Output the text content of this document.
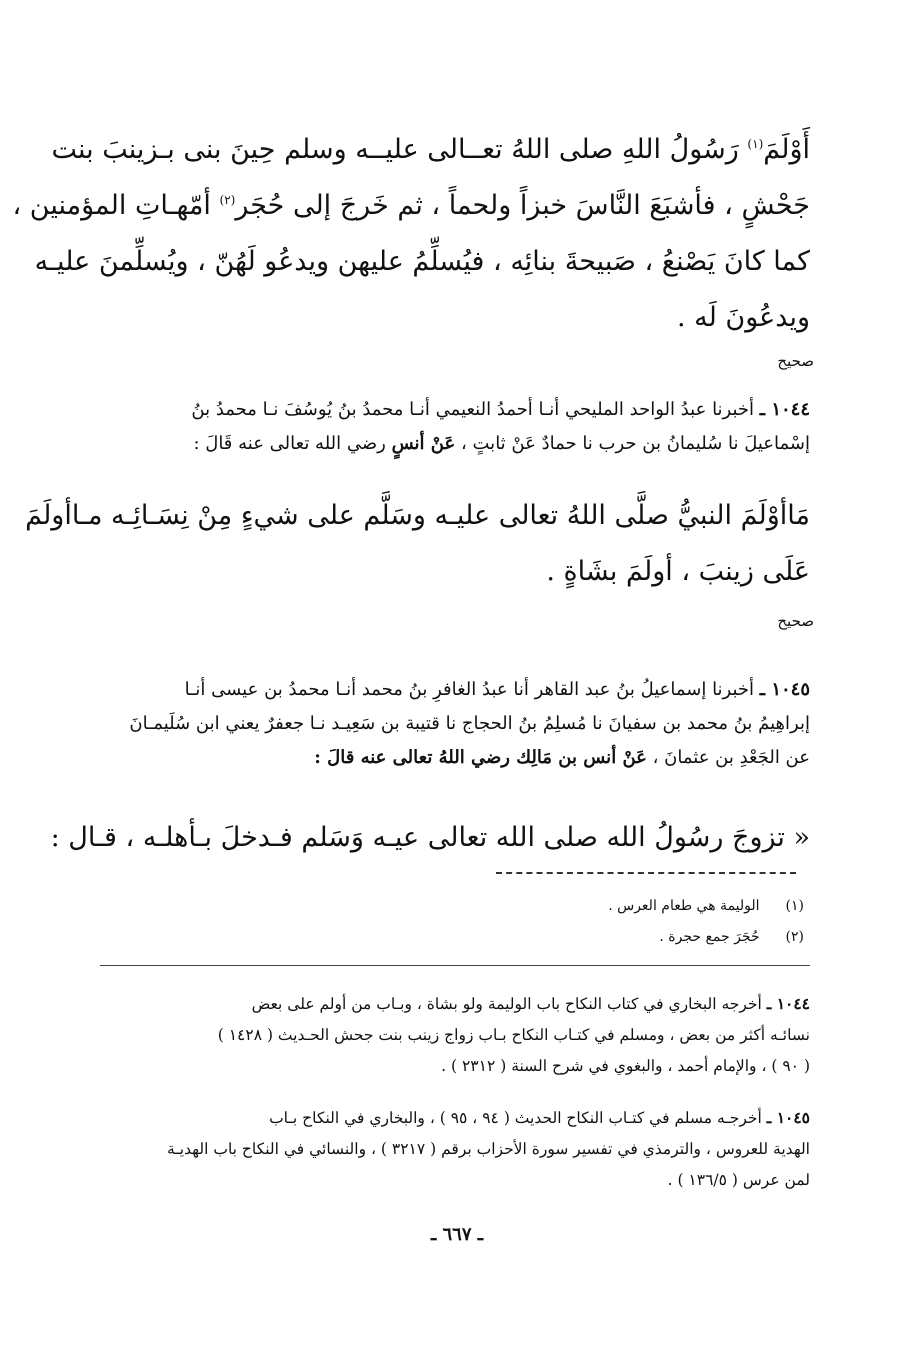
أَوْلَمَ$^{(١)}$ رَسُولُ اللهِ صلى اللهُ تعــالى عليــه وسلم حِينَ بنى بـزينبَ بنت
جَحْشٍ ، فأشبَعَ النَّاسَ خبزاً ولحماً ، ثم خَرجَ إلى حُجَر$^{(٢)}$ أمّهـاتِ المؤمنين ،
كما كانَ يَصْنعُ ، صَبيحةَ بنائِه ، فيُسلِّمُ عليهن ويدعُو لَهُنّ ، ويُسلِّمنَ عليـه
ويدعُونَ لَه .
صحيح
١٠٤٤ ـ أخبرنا عبدُ الواحد المليحي أنـا أحمدُ النعيمي أنـا محمدُ بنُ يُوسُفَ نـا محمدُ بنُ
إسْماعيلَ نا سُليمانُ بن حرب نا حمادٌ عَنْ ثابتٍ ، عَنْ أنسٍ رضي الله تعالى عنه قَالَ :
مَاأوْلَمَ النبيُّ صلَّى اللهُ تعالى عليـه وسَلَّم على شيءٍ مِنْ نِسَـائِـه مـاأولَمَ
عَلَى زينبَ ، أولَمَ بشَاةٍ .
صحيح
١٠٤٥ ـ أخبرنا إسماعيلُ بنُ عبد القاهر أنا عبدُ الغافرِ بنُ محمد أنـا محمدُ بن عيسى أنـا
إبراهِيمُ بنُ محمد بن سفيانَ نا مُسلِمُ بنُ الحجاج نا قتيبة بن سَعِيـد نـا جعفرٌ يعني ابن سُلَيمـانَ
عن الجَعْدِ بن عثمانَ ، عَنْ أنس بن مَالِك رضي اللهُ تعالى عنه قالَ :
« تزوجَ رسُولُ الله صلى الله تعالى عيـه وَسَلم فـدخلَ بـأهلـه ، قـال :
(١) الوليمة هي طعام العرس .
(٢) حُجَرَ جمع حجرة .
١٠٤٤ ـ أخرجه البخاري في كتاب النكاح باب الوليمة ولو بشاة ، وبـاب من أولم على بعض
نسائـه أكثر من بعض ، ومسلم في كتـاب النكاح بـاب زواج زينب بنت جحش الحـديث ( ١٤٢٨ )
( ٩٠ ) ، والإمام أحمد ، والبغوي في شرح السنة ( ٢٣١٢ ) .
١٠٤٥ ـ أخرجـه مسلم في كتـاب النكاح الحديث ( ٩٤ ، ٩٥ ) ، والبخاري في النكاح بـاب
الهدية للعروس ، والترمذي في تفسير سورة الأحزاب برقم ( ٣٢١٧ ) ، والنسائي في النكاح باب الهديـة
لمن عرس ( ١٣٦/٥ ) .
ـ ٦٦٧ ـ
